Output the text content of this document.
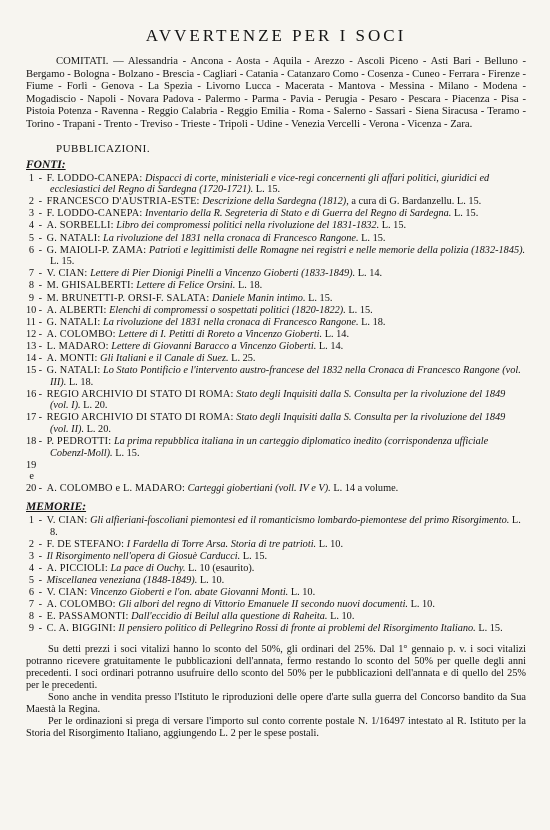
AVVERTENZE PER I SOCI

COMITATI. — Alessandria - Ancona - Aosta - Aquila - Arezzo - Ascoli Piceno - Asti Bari - Belluno - Bergamo - Bologna - Bolzano - Brescia - Cagliari - Catania - Catanzaro Como - Cosenza - Cuneo - Ferrara - Firenze - Fiume - Forlì - Genova - La Spezia - Livorno Lucca - Macerata - Mantova - Messina - Milano - Modena - Mogadiscio - Napoli - Novara Padova - Palermo - Parma - Pavia - Perugia - Pesaro - Pescara - Piacenza - Pisa - Pistoia Potenza - Ravenna - Reggio Calabria - Reggio Emilia - Roma - Salerno - Sassari - Siena Siracusa - Teramo - Torino - Trapani - Trento - Treviso - Trieste - Tripoli - Udine - Venezia Vercelli - Verona - Vicenza - Zara.

PUBBLICAZIONI.
FONTI:
1 - F. LODDO-CANEPA: Dispacci di corte, ministeriali e vice-regi concernenti gli affari politici, giuridici ed ecclesiastici del Regno di Sardegna (1720-1721). L. 15.
2 - FRANCESCO D'AUSTRIA-ESTE: Descrizione della Sardegna (1812), a cura di G. Bardanzellu. L. 15.
3 - F. LODDO-CANEPA: Inventario della R. Segreteria di Stato e di Guerra del Regno di Sardegna. L. 15.
4 - A. SORBELLI: Libro dei compromessi politici nella rivoluzione del 1831-1832. L. 15.
5 - G. NATALI: La rivoluzione del 1831 nella cronaca di Francesco Rangone. L. 15.
6 - G. MAIOLI-P. ZAMA: Patrioti e legittimisti delle Romagne nei registri e nelle memorie della polizia (1832-1845). L. 15.
7 - V. CIAN: Lettere di Pier Dionigi Pinelli a Vincenzo Gioberti (1833-1849). L. 14.
8 - M. GHISALBERTI: Lettere di Felice Orsini. L. 18.
9 - M. BRUNETTI-P. ORSI-F. SALATA: Daniele Manin intimo. L. 15.
10 - A. ALBERTI: Elenchi di compromessi o sospettati politici (1820-1822). L. 15.
11 - G. NATALI: La rivoluzione del 1831 nella cronaca di Francesco Rangone. L. 18.
12 - A. COLOMBO: Lettere di I. Petitti di Roreto a Vincenzo Gioberti. L. 14.
13 - L. MADARO: Lettere di Giovanni Baracco a Vincenzo Gioberti. L. 14.
14 - A. MONTI: Gli Italiani e il Canale di Suez. L. 25.
15 - G. NATALI: Lo Stato Pontificio e l'intervento austro-francese del 1832 nella Cronaca di Francesco Rangone (vol. III). L. 18.
16 - REGIO ARCHIVIO DI STATO DI ROMA: Stato degli Inquisiti dalla S. Consulta per la rivoluzione del 1849 (vol. I). L. 20.
17 - REGIO ARCHIVIO DI STATO DI ROMA: Stato degli Inquisiti dalla S. Consulta per la rivoluzione del 1849 (vol. II). L. 20.
18 - P. PEDROTTI: La prima repubblica italiana in un carteggio diplomatico inedito (corrispondenza ufficiale Cobenzl-Moll). L. 15.
19 e 20 - A. COLOMBO e L. MADARO: Carteggi giobertiani (voll. IV e V). L. 14 a volume.
MEMORIE:
1 - V. CIAN: Gli alfieriani-foscoliani piemontesi ed il romanticismo lombardo-piemontese del primo Risorgimento. L. 8.
2 - F. DE STEFANO: I Fardella di Torre Arsa. Storia di tre patrioti. L. 10.
3 - Il Risorgimento nell'opera di Giosuè Carducci. L. 15.
4 - A. PICCIOLI: La pace di Ouchy. L. 10 (esaurito).
5 - Miscellanea veneziana (1848-1849). L. 10.
6 - V. CIAN: Vincenzo Gioberti e l'on. abate Giovanni Monti. L. 10.
7 - A. COLOMBO: Gli albori del regno di Vittorio Emanuele II secondo nuovi documenti. L. 10.
8 - E. PASSAMONTI: Dall'eccidio di Beilul alla questione di Raheita. L. 10.
9 - C. A. BIGGINI: Il pensiero politico di Pellegrino Rossi di fronte ai problemi del Risorgimento Italiano. L. 15.

Su detti prezzi i soci vitalizi hanno lo sconto del 50%, gli ordinari del 25%. Dal 1° gennaio p. v. i soci vitalizi potranno ricevere gratuitamente le pubblicazioni dell'annata, fermo restando lo sconto del 50% per quelle degli anni precedenti. I soci ordinari potranno usufruire dello sconto del 50% per le pubblicazioni dell'annata e di quello del 25% per le precedenti.

Sono anche in vendita presso l'Istituto le riproduzioni delle opere d'arte sulla guerra del Concorso bandito da Sua Maestà la Regina.

Per le ordinazioni si prega di versare l'importo sul conto corrente postale N. 1/16497 intestato al R. Istituto per la Storia del Risorgimento Italiano, aggiungendo L. 2 per le spese postali.
